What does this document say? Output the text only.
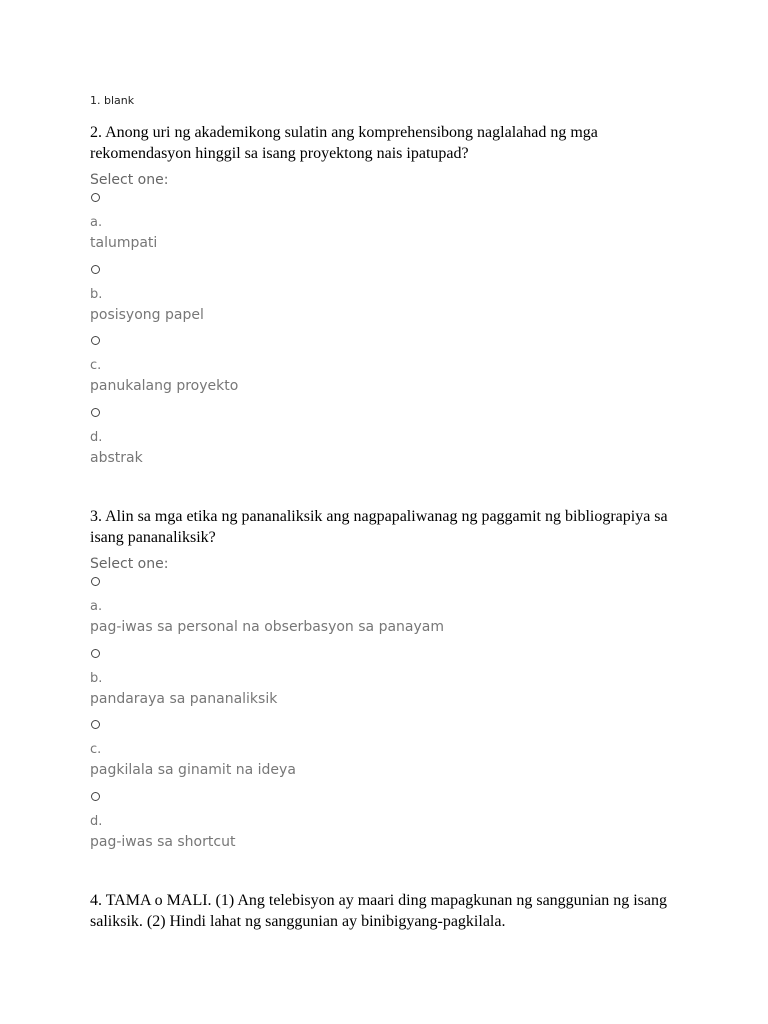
1. blank

2. Anong uri ng akademikong sulatin ang komprehensibong naglalahad ng mga rekomendasyon hinggil sa isang proyektong nais ipatupad?

Select one:
a.
talumpati
b.
posisyong papel
c.
panukalang proyekto
d.
abstrak

3. Alin sa mga etika ng pananaliksik ang nagpapaliwanag ng paggamit ng bibliograpiya sa isang pananaliksik?

Select one:
a.
pag-iwas sa personal na obserbasyon sa panayam
b.
pandaraya sa pananaliksik
c.
pagkilala sa ginamit na ideya
d.
pag-iwas sa shortcut

4. TAMA o MALI. (1) Ang telebisyon ay maari ding mapagkunan ng sanggunian ng isang saliksik. (2) Hindi lahat ng sanggunian ay binibigyang-pagkilala.
